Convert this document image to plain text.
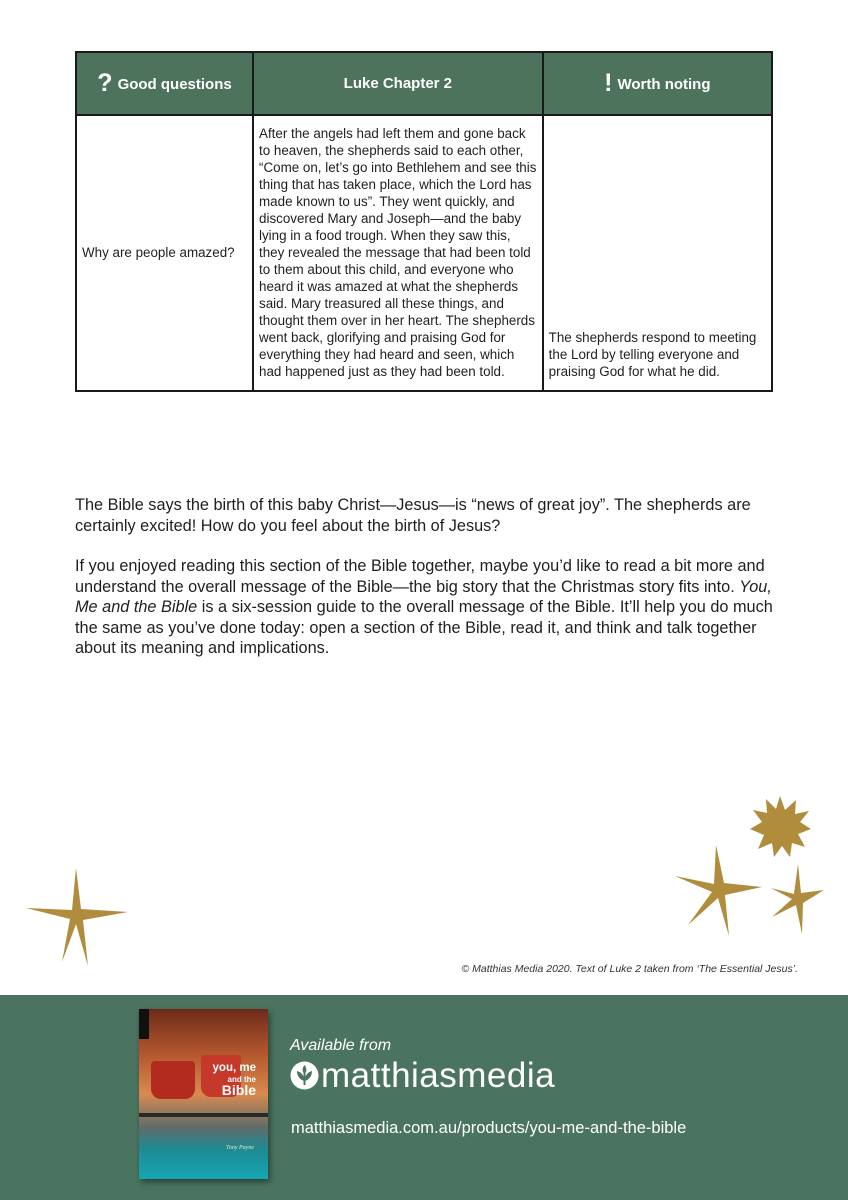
? Good questions	Luke Chapter 2	! Worth noting
Why are people amazed?	After the angels had left them and gone back to heaven, the shepherds said to each other, “Come on, let’s go into Bethlehem and see this thing that has taken place, which the Lord has made known to us”. They went quickly, and discovered Mary and Joseph—and the baby lying in a food trough. When they saw this, they revealed the message that had been told to them about this child, and everyone who heard it was amazed at what the shepherds said. Mary treasured all these things, and thought them over in her heart. The shepherds went back, glorifying and praising God for everything they had heard and seen, which had happened just as they had been told.	The shepherds respond to meeting the Lord by telling everyone and praising God for what he did.

The Bible says the birth of this baby Christ—Jesus—is “news of great joy”. The shepherds are certainly excited! How do you feel about the birth of Jesus?

If you enjoyed reading this section of the Bible together, maybe you’d like to read a bit more and understand the overall message of the Bible—the big story that the Christmas story fits into. You, Me and the Bible is a six-session guide to the overall message of the Bible. It’ll help you do much the same as you’ve done today: open a section of the Bible, read it, and think and talk together about its meaning and implications.

© Matthias Media 2020. Text of Luke 2 taken from ‘The Essential Jesus’.
you, me
and the
Bible
Tony Payne
Available from
matthiasmedia
matthiasmedia.com.au/products/you-me-and-the-bible
